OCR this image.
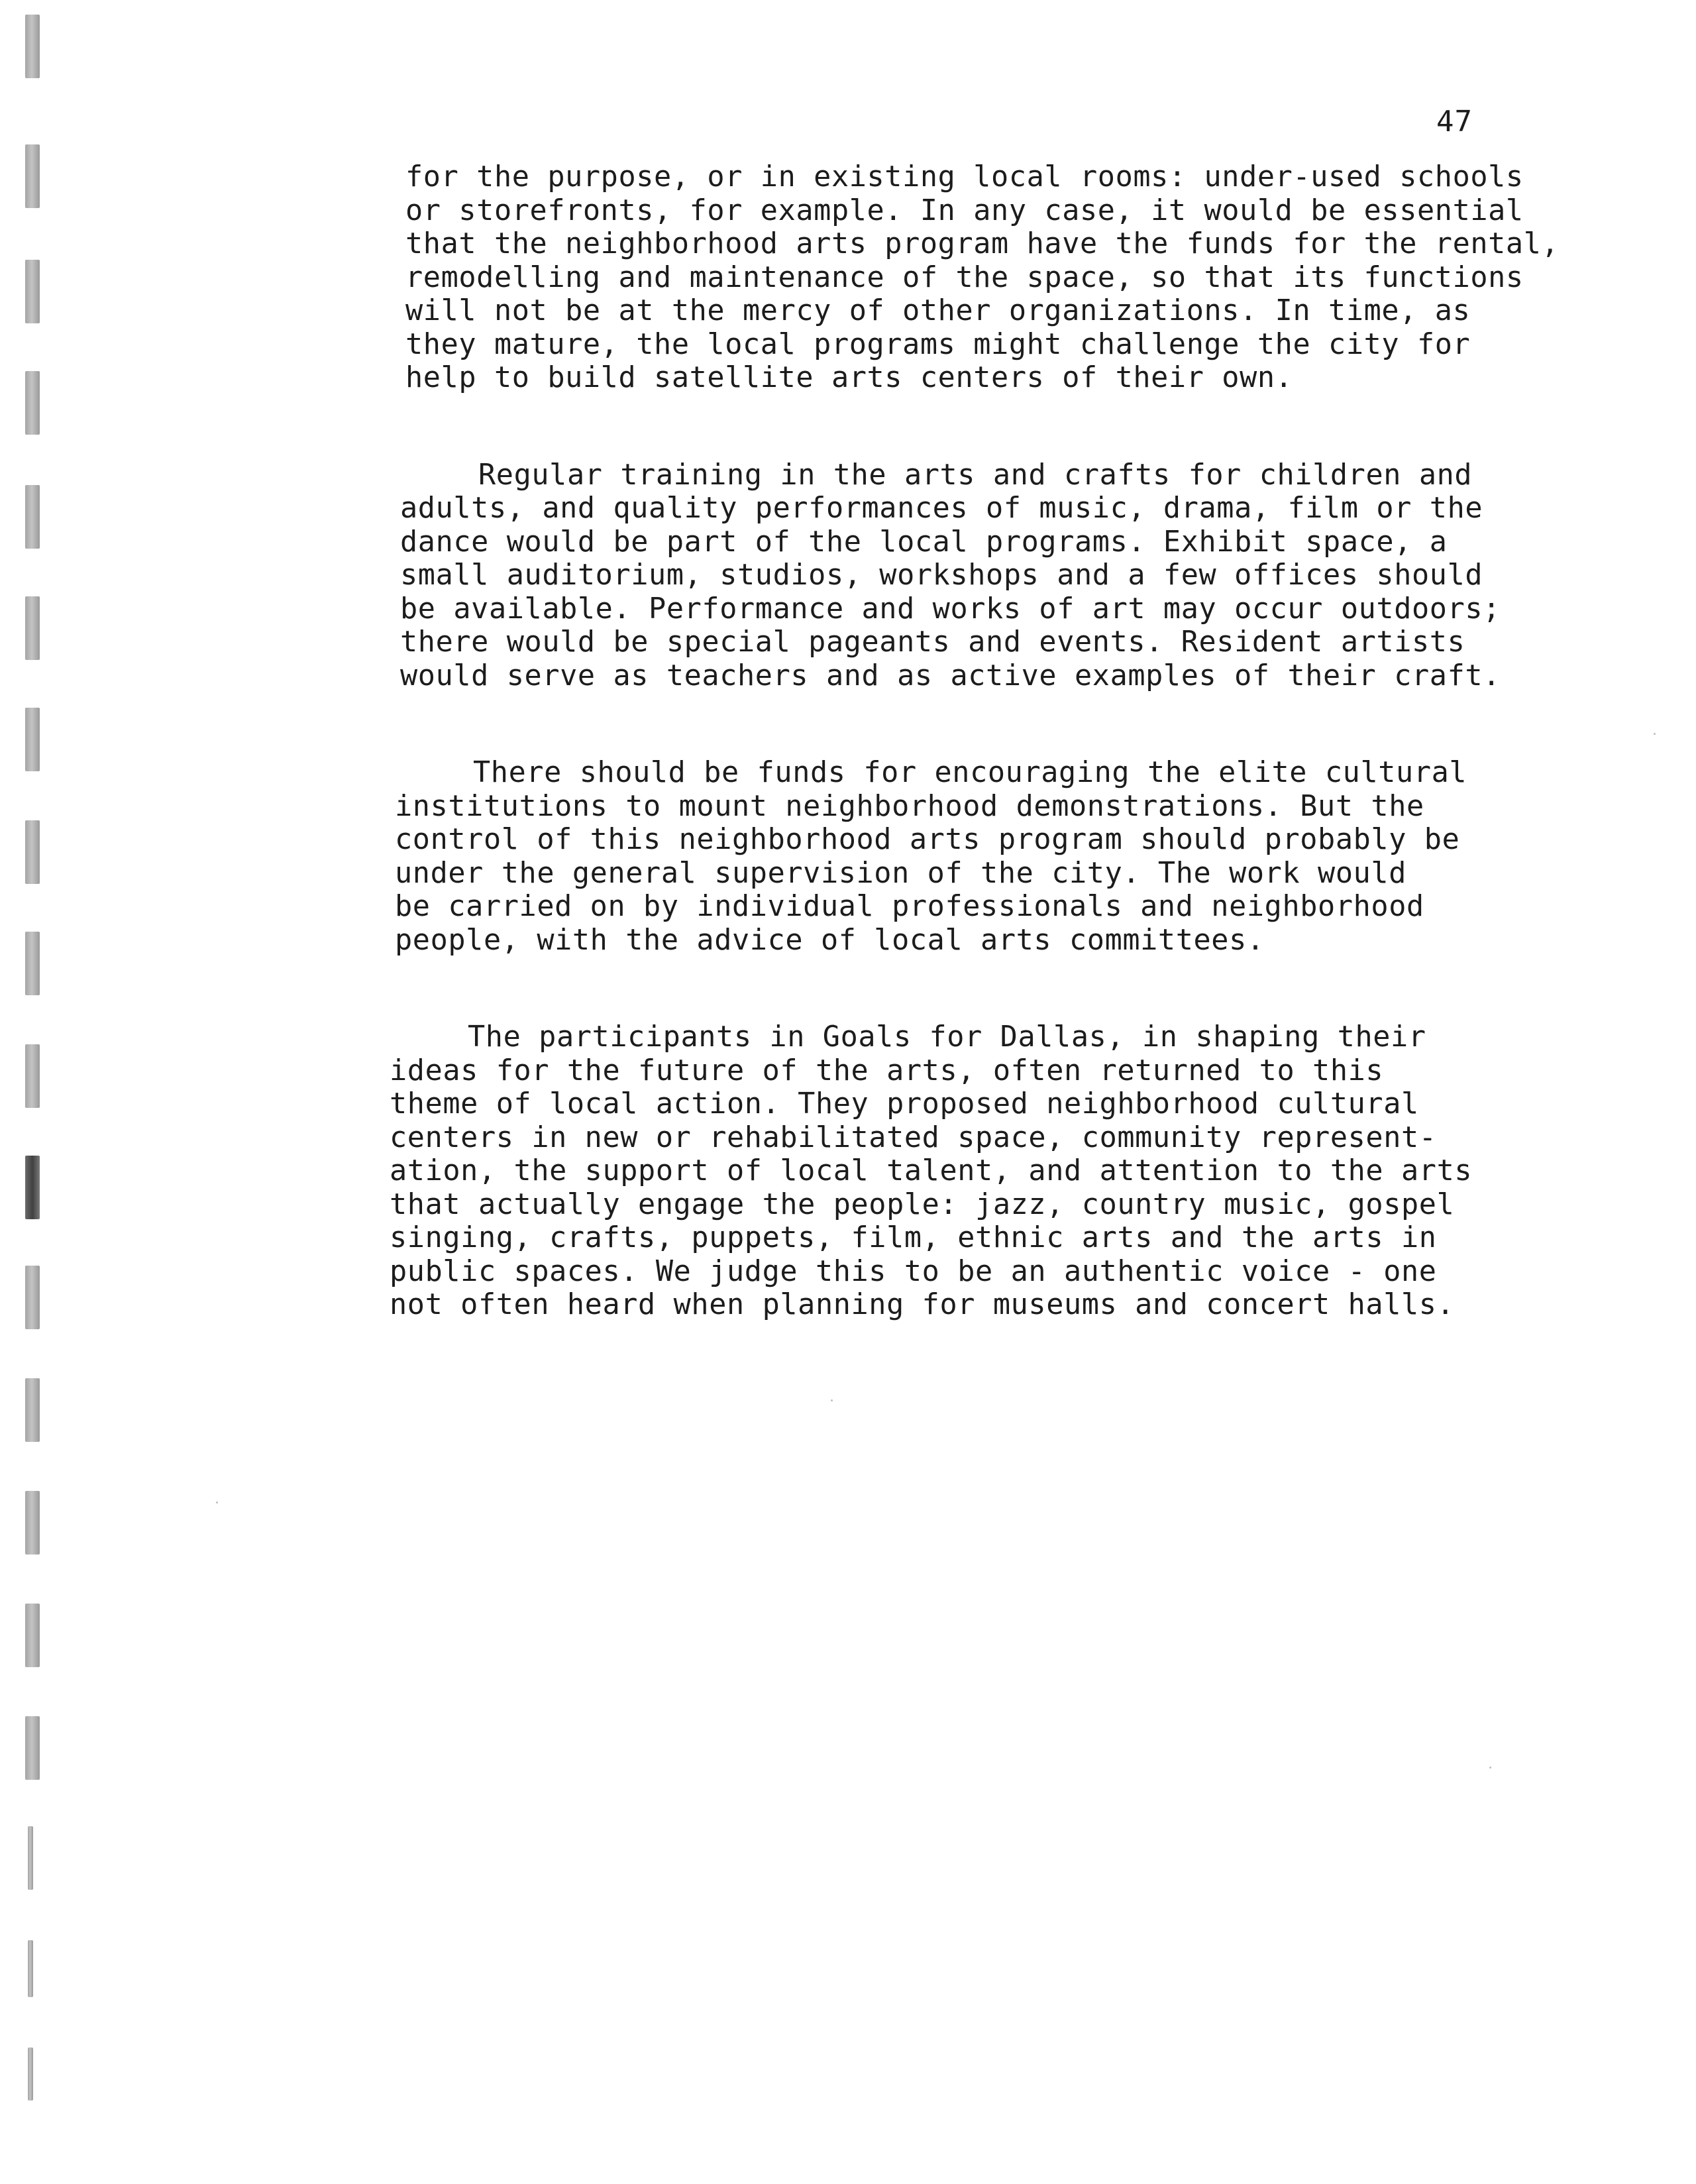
47

for the purpose, or in existing local rooms: under-used schools
or storefronts, for example. In any case, it would be essential
that the neighborhood arts program have the funds for the rental,
remodelling and maintenance of the space, so that its functions
will not be at the mercy of other organizations. In time, as
they mature, the local programs might challenge the city for
help to build satellite arts centers of their own.

Regular training in the arts and crafts for children and
adults, and quality performances of music, drama, film or the
dance would be part of the local programs. Exhibit space, a
small auditorium, studios, workshops and a few offices should
be available. Performance and works of art may occur outdoors;
there would be special pageants and events. Resident artists
would serve as teachers and as active examples of their craft.

There should be funds for encouraging the elite cultural
institutions to mount neighborhood demonstrations. But the
control of this neighborhood arts program should probably be
under the general supervision of the city. The work would
be carried on by individual professionals and neighborhood
people, with the advice of local arts committees.

The participants in Goals for Dallas, in shaping their
ideas for the future of the arts, often returned to this
theme of local action. They proposed neighborhood cultural
centers in new or rehabilitated space, community represent-
ation, the support of local talent, and attention to the arts
that actually engage the people: jazz, country music, gospel
singing, crafts, puppets, film, ethnic arts and the arts in
public spaces. We judge this to be an authentic voice - one
not often heard when planning for museums and concert halls.
